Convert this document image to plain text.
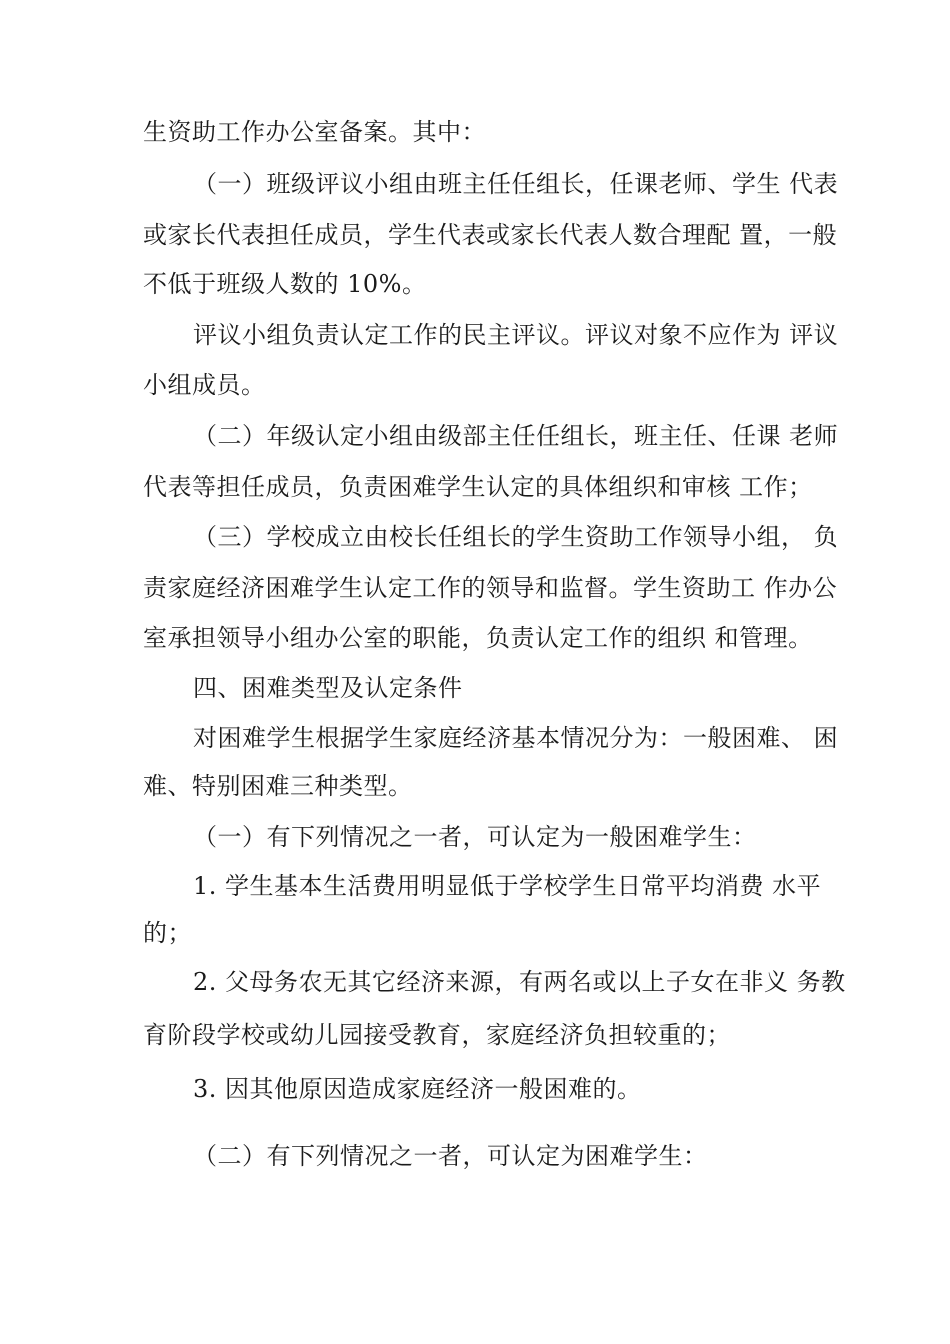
生资助工作办公室备案。其中：
（一）班级评议小组由班主任任组长，任课老师、学生 代表
或家长代表担任成员，学生代表或家长代表人数合理配 置，一般
不低于班级人数的 10%。
评议小组负责认定工作的民主评议。评议对象不应作为 评议
小组成员。
（二）年级认定小组由级部主任任组长，班主任、任课 老师
代表等担任成员，负责困难学生认定的具体组织和审核 工作；
（三）学校成立由校长任组长的学生资助工作领导小组， 负
责家庭经济困难学生认定工作的领导和监督。学生资助工 作办公
室承担领导小组办公室的职能，负责认定工作的组织 和管理。
四、困难类型及认定条件
对困难学生根据学生家庭经济基本情况分为：一般困难、 困
难、特别困难三种类型。
（一）有下列情况之一者，可认定为一般困难学生：
1. 学生基本生活费用明显低于学校学生日常平均消费 水平
的；
2. 父母务农无其它经济来源，有两名或以上子女在非义 务教
育阶段学校或幼儿园接受教育，家庭经济负担较重的；
3. 因其他原因造成家庭经济一般困难的。
（二）有下列情况之一者，可认定为困难学生：
